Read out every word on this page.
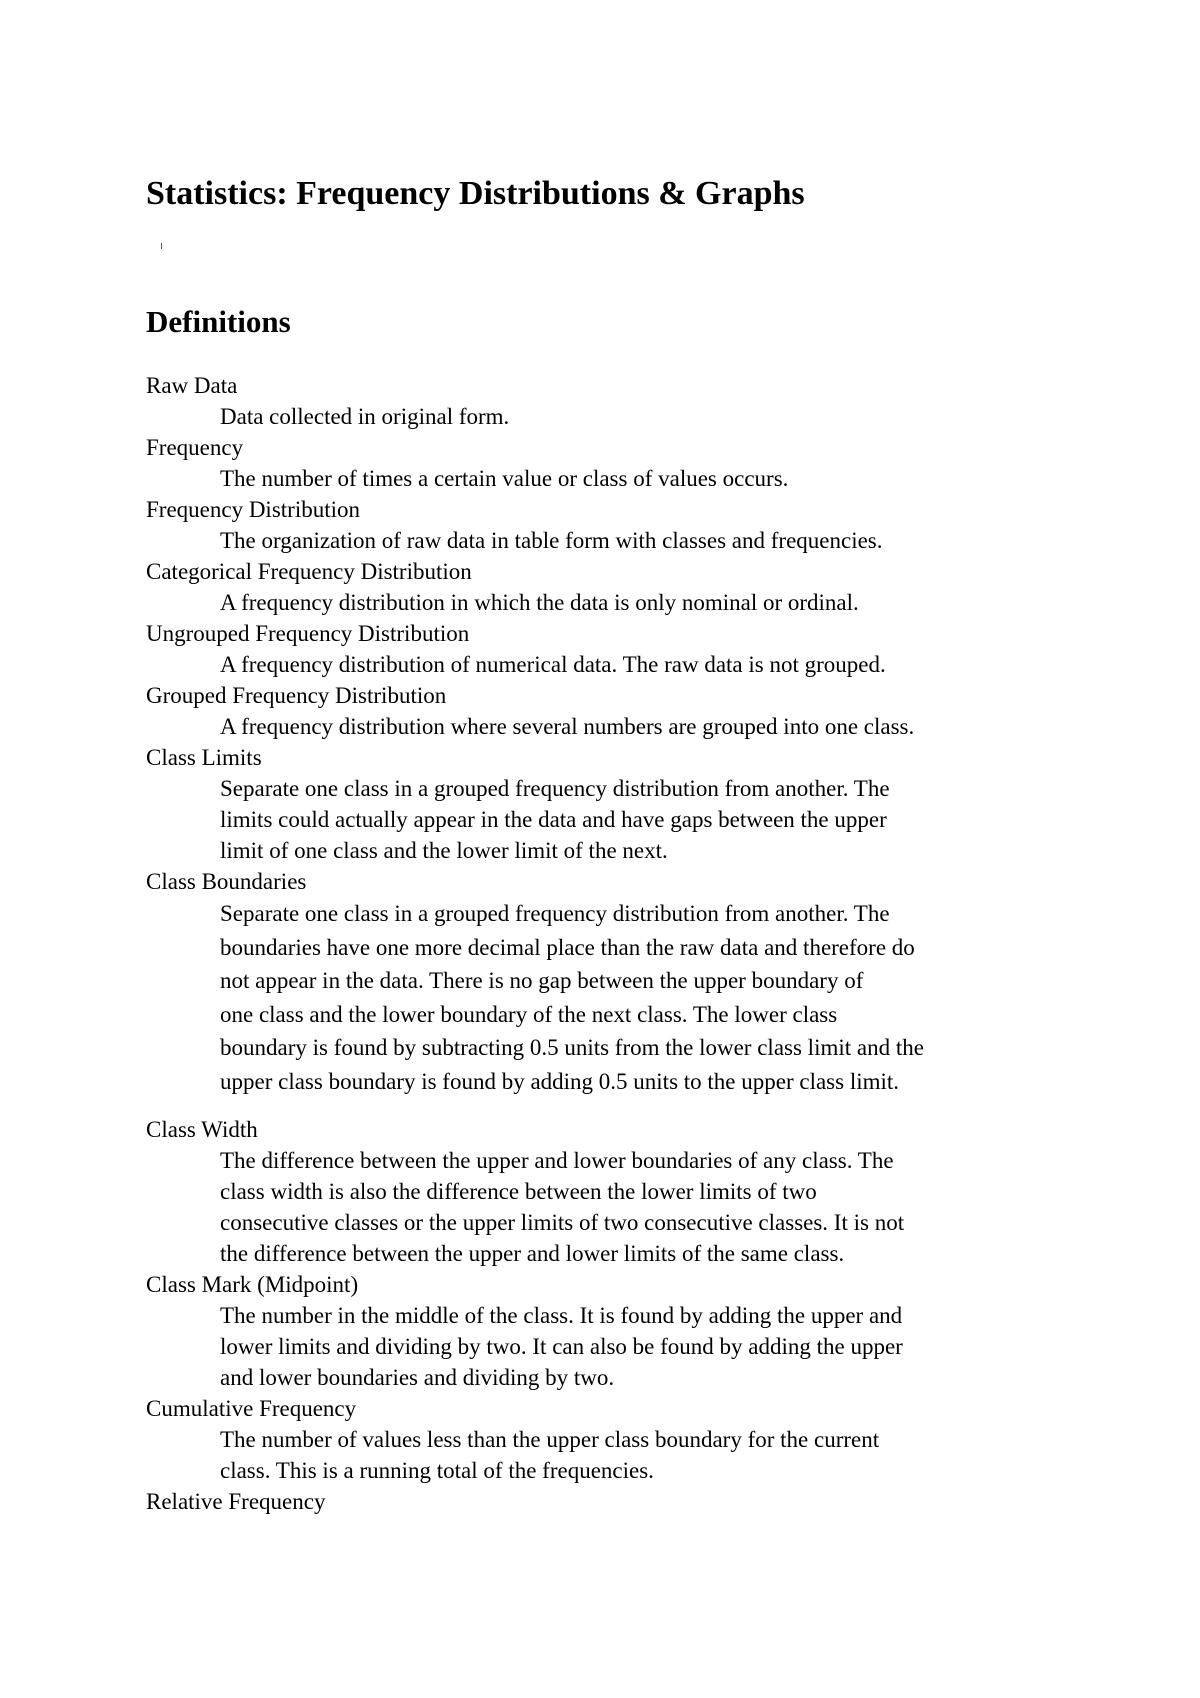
Statistics: Frequency Distributions & Graphs
Definitions
Raw Data
Data collected in original form.
Frequency
The number of times a certain value or class of values occurs.
Frequency Distribution
The organization of raw data in table form with classes and frequencies.
Categorical Frequency Distribution
A frequency distribution in which the data is only nominal or ordinal.
Ungrouped Frequency Distribution
A frequency distribution of numerical data. The raw data is not grouped.
Grouped Frequency Distribution
A frequency distribution where several numbers are grouped into one class.
Class Limits
Separate one class in a grouped frequency distribution from another. The
limits could actually appear in the data and have gaps between the upper
limit of one class and the lower limit of the next.
Class Boundaries
Separate one class in a grouped frequency distribution from another. The
boundaries have one more decimal place than the raw data and therefore do
not appear in the data. There is no gap between the upper boundary of
one class and the lower boundary of the next class. The lower class
boundary is found by subtracting 0.5 units from the lower class limit and the
upper class boundary is found by adding 0.5 units to the upper class limit.
Class Width
The difference between the upper and lower boundaries of any class. The
class width is also the difference between the lower limits of two
consecutive classes or the upper limits of two consecutive classes. It is not
the difference between the upper and lower limits of the same class.
Class Mark (Midpoint)
The number in the middle of the class. It is found by adding the upper and
lower limits and dividing by two. It can also be found by adding the upper
and lower boundaries and dividing by two.
Cumulative Frequency
The number of values less than the upper class boundary for the current
class. This is a running total of the frequencies.
Relative Frequency
